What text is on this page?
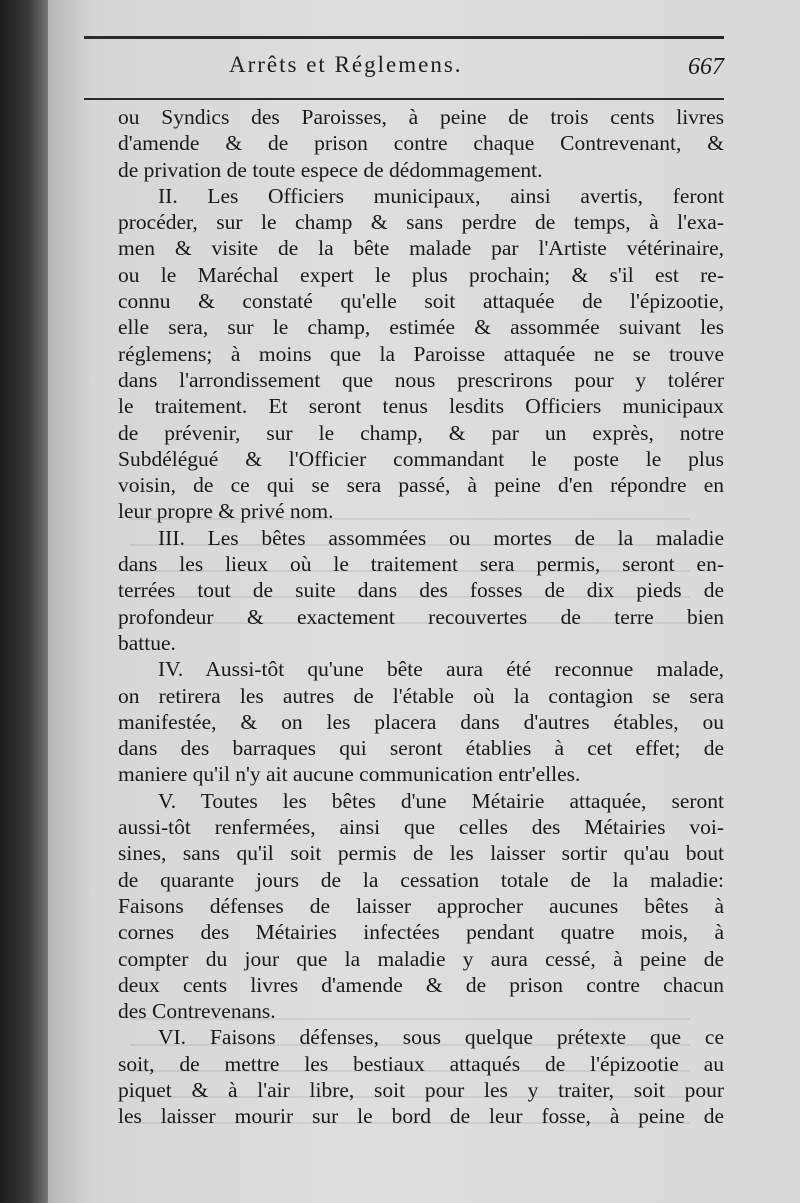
Arrêts et Réglemens.	667
ou Syndics des Paroisses, à peine de trois cents livres
d'amende & de prison contre chaque Contrevenant, &
de privation de toute espece de dédommagement.
II. Les Officiers municipaux, ainsi avertis, feront
procéder, sur le champ & sans perdre de temps, à l'exa-
men & visite de la bête malade par l'Artiste vétérinaire,
ou le Maréchal expert le plus prochain; & s'il est re-
connu & constaté qu'elle soit attaquée de l'épizootie,
elle sera, sur le champ, estimée & assommée suivant les
réglemens; à moins que la Paroisse attaquée ne se trouve
dans l'arrondissement que nous prescrirons pour y tolérer
le traitement. Et seront tenus lesdits Officiers municipaux
de prévenir, sur le champ, & par un exprès, notre
Subdélégué & l'Officier commandant le poste le plus
voisin, de ce qui se sera passé, à peine d'en répondre en
leur propre & privé nom.
III. Les bêtes assommées ou mortes de la maladie
dans les lieux où le traitement sera permis, seront en-
terrées tout de suite dans des fosses de dix pieds de
profondeur & exactement recouvertes de terre bien
battue.
IV. Aussi-tôt qu'une bête aura été reconnue malade,
on retirera les autres de l'étable où la contagion se sera
manifestée, & on les placera dans d'autres étables, ou
dans des barraques qui seront établies à cet effet; de
maniere qu'il n'y ait aucune communication entr'elles.
V. Toutes les bêtes d'une Métairie attaquée, seront
aussi-tôt renfermées, ainsi que celles des Métairies voi-
sines, sans qu'il soit permis de les laisser sortir qu'au bout
de quarante jours de la cessation totale de la maladie:
Faisons défenses de laisser approcher aucunes bêtes à
cornes des Métairies infectées pendant quatre mois, à
compter du jour que la maladie y aura cessé, à peine de
deux cents livres d'amende & de prison contre chacun
des Contrevenans.
VI. Faisons défenses, sous quelque prétexte que ce
soit, de mettre les bestiaux attaqués de l'épizootie au
piquet & à l'air libre, soit pour les y traiter, soit pour
les laisser mourir sur le bord de leur fosse, à peine de
